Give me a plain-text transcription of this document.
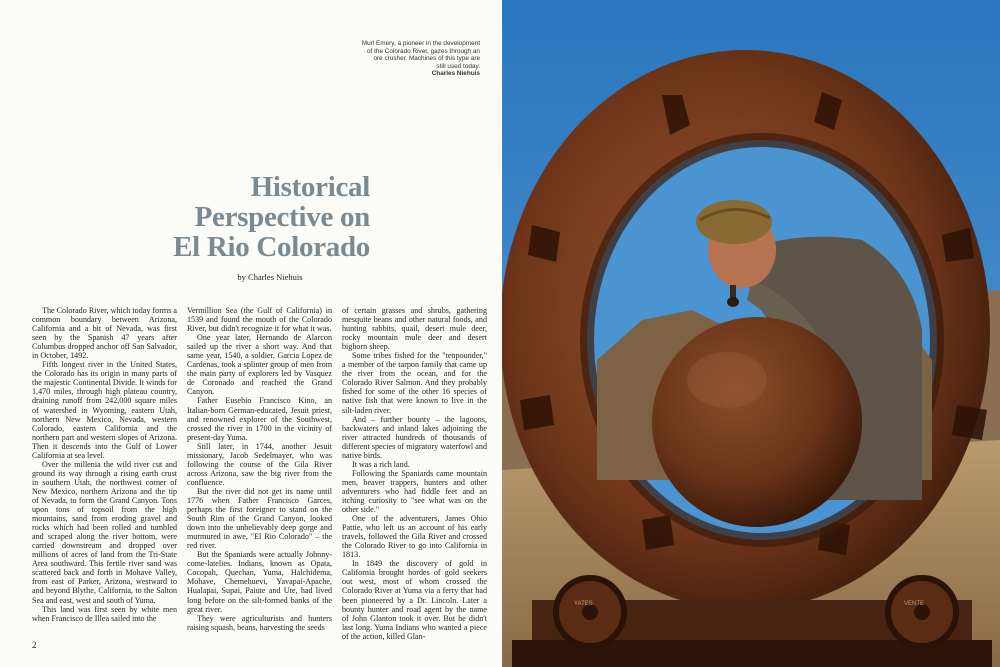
Murl Emery, a pioneer in the development
of the Colorado River, gazes through an
ore crusher. Machines of this type are
still used today.
Charles Niehuis
Historical
Perspective on
El Rio Colorado
by Charles Niehuis

The Colorado River, which today forms a common boundary between Arizona, California and a bit of Nevada, was first seen by the Spanish 47 years after Columbus dropped anchor off San Salvador, in October, 1492.

Fifth longest river in the United States, the Colorado has its origin in many parts of the majestic Continental Divide. It winds for 1,470 miles, through high plateau country, draining runoff from 242,000 square miles of watershed in Wyoming, eastern Utah, northern New Mexico, Nevada, western Colorado, eastern California and the northern part and western slopes of Arizona. Then it descends into the Gulf of Lower California at sea level.

Over the millenia the wild river cut and ground its way through a rising earth crust in southern Utah, the northwest corner of New Mexico, northern Arizona and the tip of Nevada, to form the Grand Canyon. Tons upon tons of topsoil from the high mountains, sand from eroding gravel and rocks which had been rolled and tumbled and scraped along the river bottom, were carried downstream and dropped over millions of acres of land from the Tri-State Area southward. This fertile river sand was scattered back and forth in Mohave Valley, from east of Parker, Arizona, westward to and beyond Blythe, California, to the Salton Sea and east, west and south of Yuma.

This land was first seen by white men when Francisco de Illea sailed into the

Vermillion Sea (the Gulf of California) in 1539 and found the mouth of the Colorado River, but didn't recognize it for what it was.

One year later, Hernando de Alarcon sailed up the river a short way. And that same year, 1540, a soldier, Garcia Lopez de Cardenas, took a splinter group of men from the main party of explorers led by Vasquez de Coronado and reached the Grand Canyon.

Father Eusebio Francisco Kino, an Italian-born German-educated, Jesuit priest, and renowned explorer of the Southwest, crossed the river in 1700 in the vicinity of present-day Yuma.

Still later, in 1744, another Jesuit missionary, Jacob Sedelmayer, who was following the course of the Gila River across Arizona, saw the big river from the confluence.

But the river did not get its name until 1776 when Father Francisco Garces, perhaps the first foreigner to stand on the South Rim of the Grand Canyon, looked down into the unbelievably deep gorge and murmured in awe, "El Rio Colorado" – the red river.

But the Spaniards were actually Johnny-come-latelies. Indians, known as Opata, Cocopah, Quechan, Yuma, Halchidema, Mohave, Chemehuevi, Yavapai-Apache, Hualapai, Supai, Paiute and Ute, had lived long before on the silt-formed banks of the great river.

They were agriculturists and hunters raising squash, beans, harvesting the seeds

of certain grasses and shrubs, gathering mesquite beans and other natural foods, and hunting rabbits, quail, desert mule deer, rocky mountain mule deer and desert bighorn sheep.

Some tribes fished for the "tenpounder," a member of the tarpon family that came up the river from the ocean, and for the Colorado River Salmon. And they probably fished for some of the other 16 species of native fish that were known to live in the silt-laden river.

And – further bounty – the lagoons, backwaters and inland lakes adjoining the river attracted hundreds of thousands of different species of migratory waterfowl and native birds.

It was a rich land.

Following the Spaniards came mountain men, beaver trappers, hunters and other adventurers who had fiddle feet and an itching curiosity to "see what was on the other side."

One of the adventurers, James Ohio Pattie, who left us an account of his early travels, followed the Gila River and crossed the Colorado River to go into California in 1813.

In 1849 the discovery of gold in California brought hordes of gold seekers out west, most of whom crossed the Colorado River at Yuma via a ferry that had been pioneered by a Dr. Lincoln. Later a bounty hunter and road agent by the name of John Glanton took it over. But he didn't last long. Yuma Indians who wanted a piece of the action, killed Glan-

2
YATES	VENTE
